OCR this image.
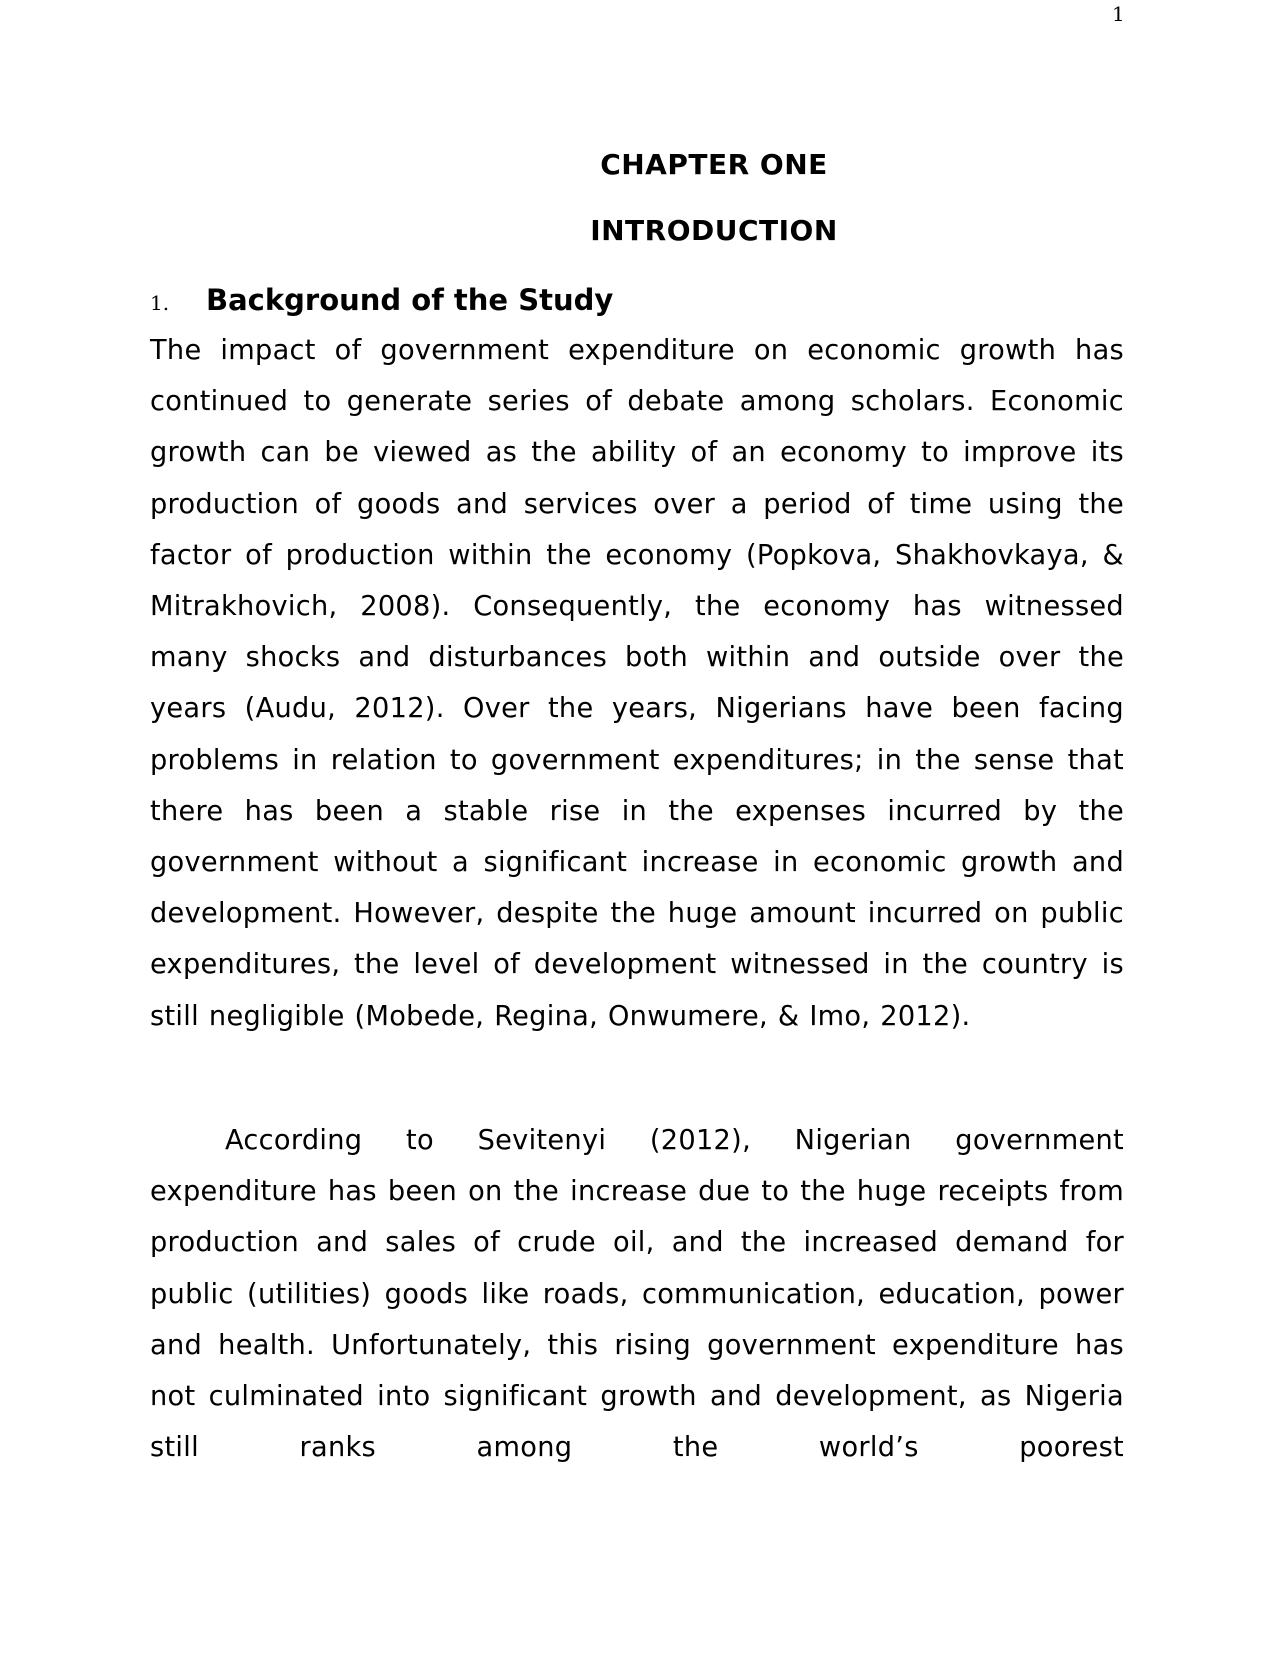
1
CHAPTER ONE
INTRODUCTION
1.	Background of the Study

The impact of government expenditure on economic growth has continued to generate series of debate among scholars. Economic growth can be viewed as the ability of an economy to improve its production of goods and services over a period of time using the factor of production within the economy (Popkova, Shakhovkaya, & Mitrakhovich, 2008). Consequently, the economy has witnessed many shocks and disturbances both within and outside over the years (Audu, 2012). Over the years, Nigerians have been facing problems in relation to government expenditures; in the sense that there has been a stable rise in the expenses incurred by the government without a significant increase in economic growth and development. However, despite the huge amount incurred on public expenditures, the level of development witnessed in the country is still negligible (Mobede, Regina, Onwumere, & Imo, 2012).

According to Sevitenyi (2012), Nigerian government expenditure has been on the increase due to the huge receipts from production and sales of crude oil, and the increased demand for public (utilities) goods like roads, communication, education, power and health. Unfortunately, this rising government expenditure has not culminated into significant growth and development, as Nigeria still ranks among the world’s poorest
